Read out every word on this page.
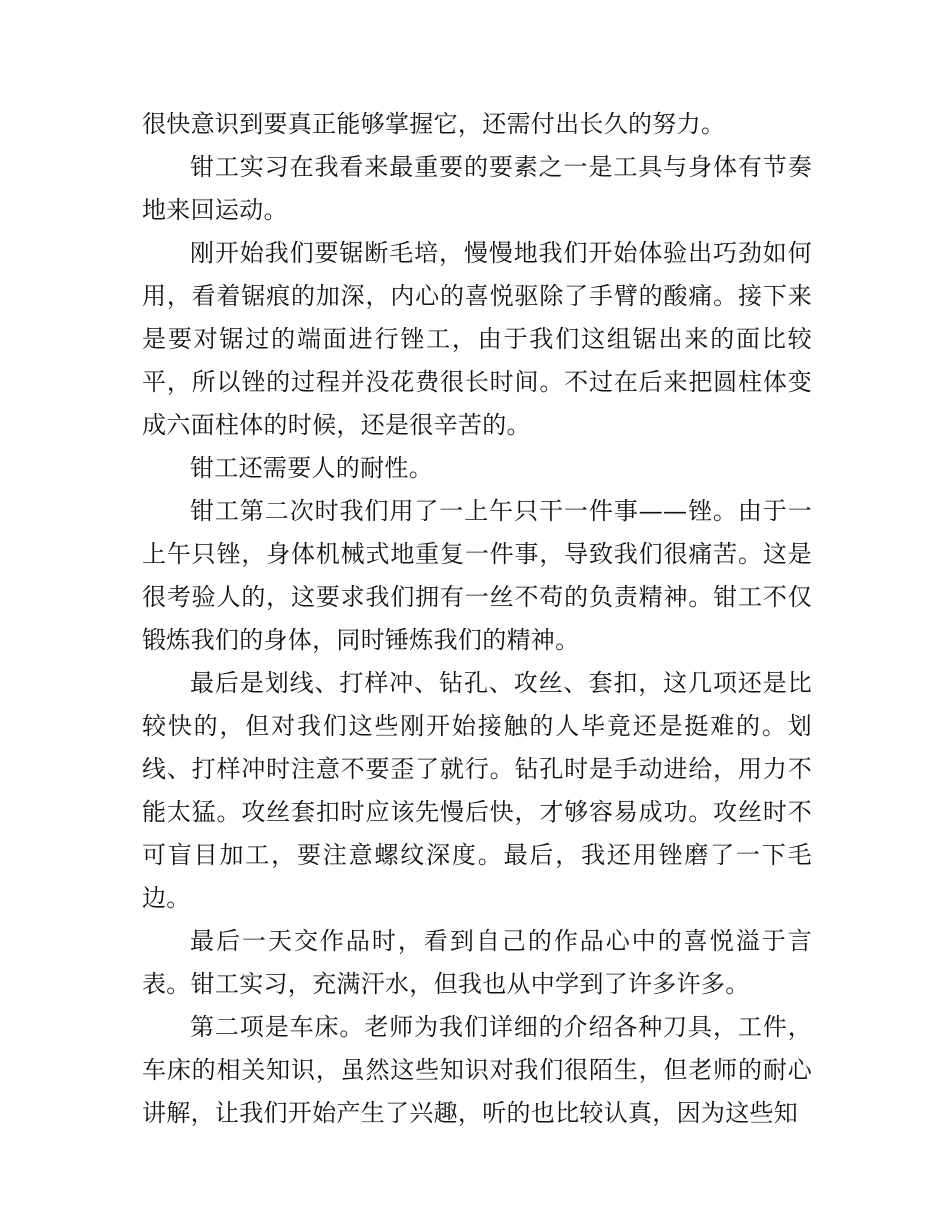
很快意识到要真正能够掌握它，还需付出长久的努力。

钳工实习在我看来最重要的要素之一是工具与身体有节奏地来回运动。

刚开始我们要锯断毛培，慢慢地我们开始体验出巧劲如何用，看着锯痕的加深，内心的喜悦驱除了手臂的酸痛。接下来是要对锯过的端面进行锉工，由于我们这组锯出来的面比较平，所以锉的过程并没花费很长时间。不过在后来把圆柱体变成六面柱体的时候，还是很辛苦的。

钳工还需要人的耐性。

钳工第二次时我们用了一上午只干一件事——锉。由于一上午只锉，身体机械式地重复一件事，导致我们很痛苦。这是很考验人的，这要求我们拥有一丝不苟的负责精神。钳工不仅锻炼我们的身体，同时锤炼我们的精神。

最后是划线、打样冲、钻孔、攻丝、套扣，这几项还是比较快的，但对我们这些刚开始接触的人毕竟还是挺难的。划线、打样冲时注意不要歪了就行。钻孔时是手动进给，用力不能太猛。攻丝套扣时应该先慢后快，才够容易成功。攻丝时不可盲目加工，要注意螺纹深度。最后，我还用锉磨了一下毛边。

最后一天交作品时，看到自己的作品心中的喜悦溢于言表。钳工实习，充满汗水，但我也从中学到了许多许多。

第二项是车床。老师为我们详细的介绍各种刀具，工件，车床的相关知识，虽然这些知识对我们很陌生，但老师的耐心讲解，让我们开始产生了兴趣，听的也比较认真，因为这些知
